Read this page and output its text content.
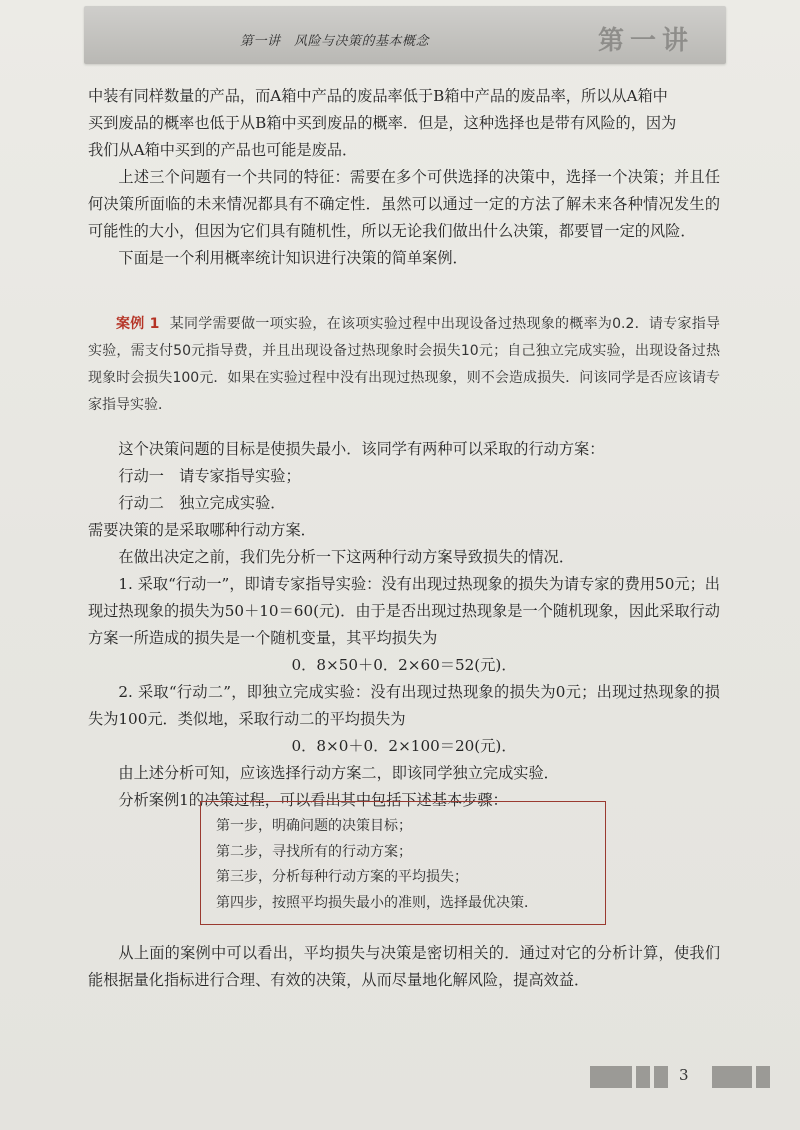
第一讲　风险与决策的基本概念	第一讲

中装有同样数量的产品，而A箱中产品的废品率低于B箱中产品的废品率，所以从A箱中

买到废品的概率也低于从B箱中买到废品的概率．但是，这种选择也是带有风险的，因为

我们从A箱中买到的产品也可能是废品．

上述三个问题有一个共同的特征：需要在多个可供选择的决策中，选择一个决策；并且任何决策所面临的未来情况都具有不确定性．虽然可以通过一定的方法了解未来各种情况发生的可能性的大小，但因为它们具有随机性，所以无论我们做出什么决策，都要冒一定的风险．

下面是一个利用概率统计知识进行决策的简单案例．

案例 1 某同学需要做一项实验，在该项实验过程中出现设备过热现象的概率为0.2．请专家指导实验，需支付50元指导费，并且出现设备过热现象时会损失10元；自己独立完成实验，出现设备过热现象时会损失100元．如果在实验过程中没有出现过热现象，则不会造成损失．问该同学是否应该请专家指导实验．

这个决策问题的目标是使损失最小．该同学有两种可以采取的行动方案：

行动一　请专家指导实验；

行动二　独立完成实验．

需要决策的是采取哪种行动方案．

在做出决定之前，我们先分析一下这两种行动方案导致损失的情况．

1. 采取“行动一”，即请专家指导实验：没有出现过热现象的损失为请专家的费用50元；出现过热现象的损失为50＋10＝60(元)．由于是否出现过热现象是一个随机现象，因此采取行动方案一所造成的损失是一个随机变量，其平均损失为

0．8×50＋0．2×60＝52(元)．

2. 采取“行动二”，即独立完成实验：没有出现过热现象的损失为0元；出现过热现象的损失为100元．类似地，采取行动二的平均损失为

0．8×0＋0．2×100＝20(元)．

由上述分析可知，应该选择行动方案二，即该同学独立完成实验．

分析案例1的决策过程，可以看出其中包括下述基本步骤：

第一步，明确问题的决策目标；
第二步，寻找所有的行动方案；
第三步，分析每种行动方案的平均损失；
第四步，按照平均损失最小的准则，选择最优决策．

从上面的案例中可以看出，平均损失与决策是密切相关的．通过对它的分析计算，使我们能根据量化指标进行合理、有效的决策，从而尽量地化解风险，提高效益．

3
